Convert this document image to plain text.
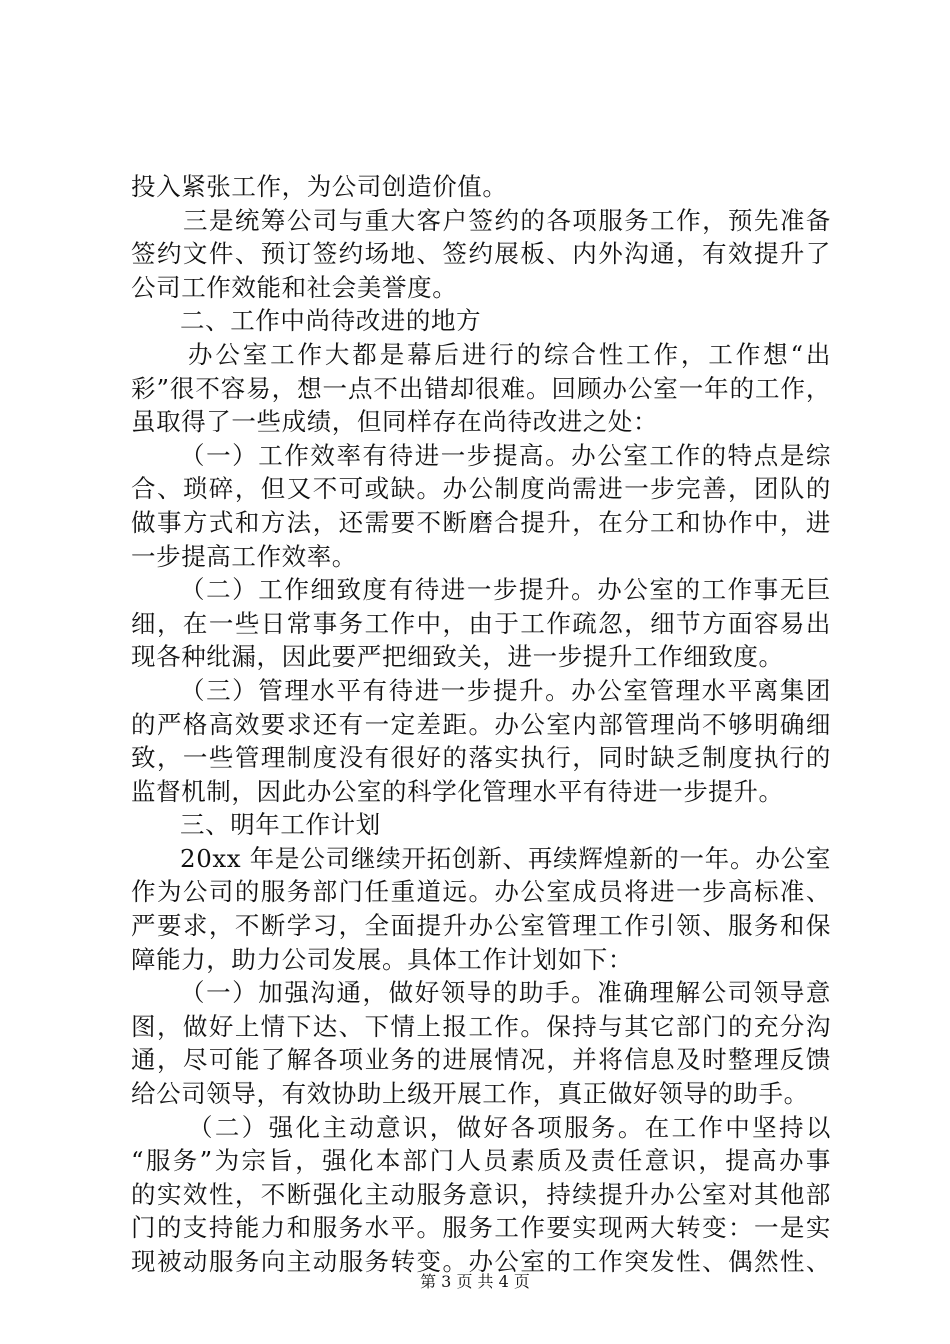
投入紧张工作，为公司创造价值。
三是统筹公司与重大客户签约的各项服务工作，预先准备
签约文件、预订签约场地、签约展板、内外沟通，有效提升了
公司工作效能和社会美誉度。
二、工作中尚待改进的地方
办公室工作大都是幕后进行的综合性工作，工作想“出
彩”很不容易，想一点不出错却很难。回顾办公室一年的工作，
虽取得了一些成绩，但同样存在尚待改进之处：
（一）工作效率有待进一步提高。办公室工作的特点是综
合、琐碎，但又不可或缺。办公制度尚需进一步完善，团队的
做事方式和方法，还需要不断磨合提升，在分工和协作中，进
一步提高工作效率。
（二）工作细致度有待进一步提升。办公室的工作事无巨
细，在一些日常事务工作中，由于工作疏忽，细节方面容易出
现各种纰漏，因此要严把细致关，进一步提升工作细致度。
（三）管理水平有待进一步提升。办公室管理水平离集团
的严格高效要求还有一定差距。办公室内部管理尚不够明确细
致，一些管理制度没有很好的落实执行，同时缺乏制度执行的
监督机制，因此办公室的科学化管理水平有待进一步提升。
三、明年工作计划
20xx 年是公司继续开拓创新、再续辉煌新的一年。办公室
作为公司的服务部门任重道远。办公室成员将进一步高标准、
严要求，不断学习，全面提升办公室管理工作引领、服务和保
障能力，助力公司发展。具体工作计划如下：
（一）加强沟通，做好领导的助手。准确理解公司领导意
图，做好上情下达、下情上报工作。保持与其它部门的充分沟
通，尽可能了解各项业务的进展情况，并将信息及时整理反馈
给公司领导，有效协助上级开展工作，真正做好领导的助手。
（二）强化主动意识，做好各项服务。在工作中坚持以
“服务”为宗旨，强化本部门人员素质及责任意识，提高办事
的实效性，不断强化主动服务意识，持续提升办公室对其他部
门的支持能力和服务水平。服务工作要实现两大转变：一是实
现被动服务向主动服务转变。办公室的工作突发性、偶然性、
第 3 页 共 4 页
